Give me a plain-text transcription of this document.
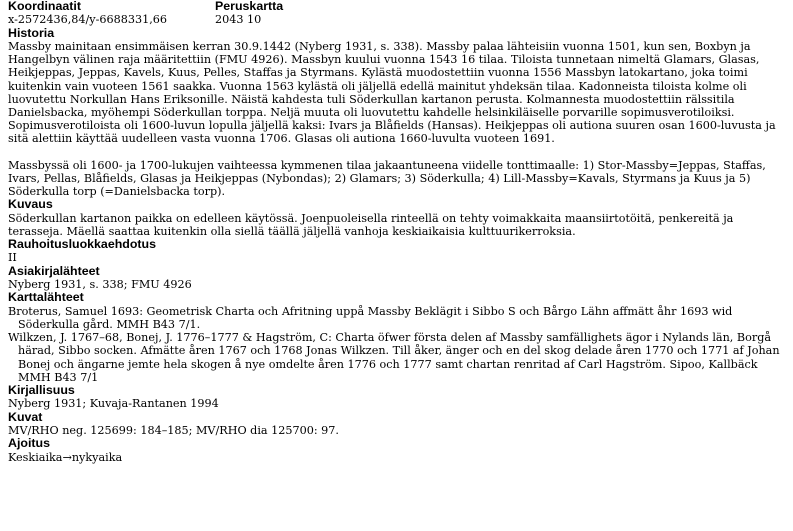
Koordinaatit

x-2572436,84/y-6688331,66

Peruskartta

2043 10

Historia

Massby mainitaan ensimmäisen kerran 30.9.1442 (Nyberg 1931, s. 338). Massby palaa lähteisiin vuonna 1501, kun sen, Boxbyn ja Hangelbyn välinen raja määritettiin (FMU 4926). Massbyn kuului vuonna 1543 16 tilaa. Tiloista tunnetaan nimeltä Glamars, Glasas, Heikjeppas, Jeppas, Kavels, Kuus, Pelles, Staffas ja Styrmans. Kylästä muodostettiin vuonna 1556 Massbyn latokartano, joka toimi kuitenkin vain vuoteen 1561 saakka. Vuonna 1563 kylästä oli jäljellä edellä mainitut yhdeksän tilaa. Kadonneista tiloista kolme oli luovutettu Norkullan Hans Eriksonille. Näistä kahdesta tuli Söderkullan kartanon perusta. Kolmannesta muodostettiin rälssitila Danielsbacka, myöhempi Söderkullan torppa. Neljä muuta oli luovutettu kahdelle helsinkiläiselle porvarille sopimusverotiloiksi. Sopimusverotiloista oli 1600-luvun lopulla jäljellä kaksi: Ivars ja Blåfields (Hansas). Heikjeppas oli autiona suuren osan 1600-luvusta ja sitä alettiin käyttää uudelleen vasta vuonna 1706. Glasas oli autiona 1660-luvulta vuoteen 1691.

Massbyssä oli 1600- ja 1700-lukujen vaihteessa kymmenen tilaa jakaantuneena viidelle tonttimaalle: 1) Stor-Massby=Jeppas, Staffas, Ivars, Pellas, Blåfields, Glasas ja Heikjeppas (Nybondas); 2) Glamars; 3) Söderkulla; 4) Lill-Massby=Kavals, Styrmans ja Kuus ja 5) Söderkulla torp (=Danielsbacka torp).

Kuvaus

Söderkullan kartanon paikka on edelleen käytössä. Joenpuoleisella rinteellä on tehty voimakkaita maansiirtotöitä, penkereitä ja terasseja. Mäellä saattaa kuitenkin olla siellä täällä jäljellä vanhoja keskiaikaisia kulttuurikerroksia.

Rauhoitusluokkaehdotus

II

Asiakirjalähteet

Nyberg 1931, s. 338; FMU 4926

Karttalähteet

Broterus, Samuel 1693: Geometrisk Charta och Afritning uppå Massby Beklägit i Sibbo S och Bårgo Lähn affmätt åhr 1693 wid Söderkulla gård. MMH B43 7/1.

Wilkzen, J. 1767–68, Bonej, J. 1776–1777 & Hagström, C: Charta öfwer första delen af Massby samfällighets ägor i Nylands län, Borgå härad, Sibbo socken. Afmätte åren 1767 och 1768 Jonas Wilkzen. Till åker, änger och en del skog delade åren 1770 och 1771 af Johan Bonej och ängarne jemte hela skogen å nye omdelte åren 1776 och 1777 samt chartan renritad af Carl Hagström. Sipoo, Kallbäck MMH B43 7/1

Kirjallisuus

Nyberg 1931; Kuvaja-Rantanen 1994

Kuvat

MV/RHO neg. 125699: 184–185; MV/RHO dia 125700: 97.

Ajoitus

Keskiaika→nykyaika
